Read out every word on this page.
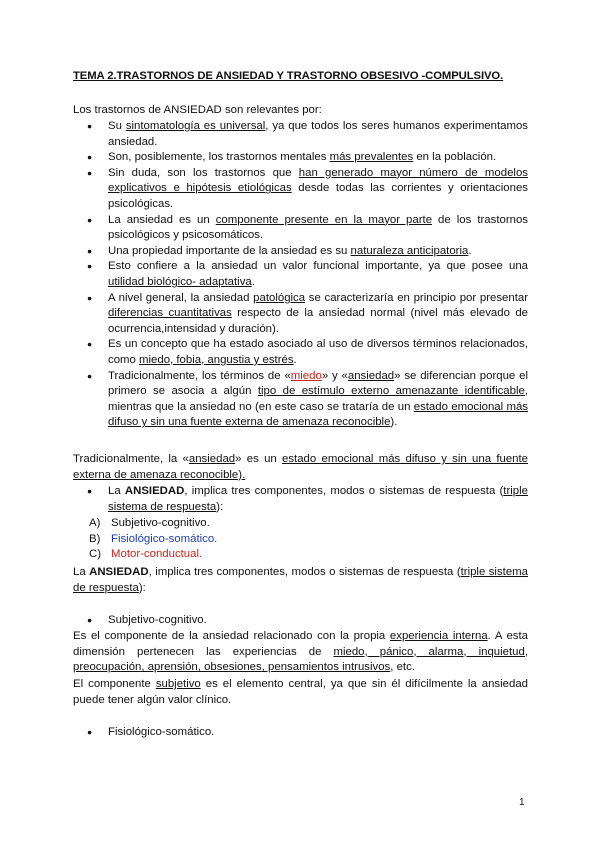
TEMA 2.TRASTORNOS DE ANSIEDAD Y TRASTORNO OBSESIVO -COMPULSIVO.
Los trastornos de ANSIEDAD son relevantes por:
● Su sintomatología es universal, ya que todos los seres humanos experimentamos ansiedad.
● Son, posiblemente, los trastornos mentales más prevalentes en la población.
● Sin duda, son los trastornos que han generado mayor número de modelos explicativos e hipótesis etiológicas desde todas las corrientes y orientaciones psicológicas.
● La ansiedad es un componente presente en la mayor parte de los trastornos psicológicos y psicosomáticos.
● Una propiedad importante de la ansiedad es su naturaleza anticipatoria.
● Esto confiere a la ansiedad un valor funcional importante, ya que posee una utilidad biológico- adaptativa.
● A nivel general, la ansiedad patológica se caracterizaría en principio por presentar diferencias cuantitativas respecto de la ansiedad normal (nivel más elevado de ocurrencia,intensidad y duración).
● Es un concepto que ha estado asociado al uso de diversos términos relacionados, como miedo, fobia, angustia y estrés.
● Tradicionalmente, los términos de «miedo» y «ansiedad» se diferencian porque el primero se asocia a algún tipo de estímulo externo amenazante identificable, mientras que la ansiedad no (en este caso se trataría de un estado emocional más difuso y sin una fuente externa de amenaza reconocible).
Tradicionalmente, la «ansiedad» es un estado emocional más difuso y sin una fuente externa de amenaza reconocible).
● La ANSIEDAD, implica tres componentes, modos o sistemas de respuesta (triple sistema de respuesta):
A) Subjetivo-cognitivo.
B) Fisiológico-somático.
C) Motor-conductual.
La ANSIEDAD, implica tres componentes, modos o sistemas de respuesta (triple sistema de respuesta):
● Subjetivo-cognitivo.
Es el componente de la ansiedad relacionado con la propia experiencia interna. A esta dimensión pertenecen las experiencias de miedo, pánico, alarma, inquietud, preocupación, aprensión, obsesiones, pensamientos intrusivos, etc.
El componente subjetivo es el elemento central, ya que sin él difícilmente la ansiedad puede tener algún valor clínico.
● Fisiológico-somático.
1
